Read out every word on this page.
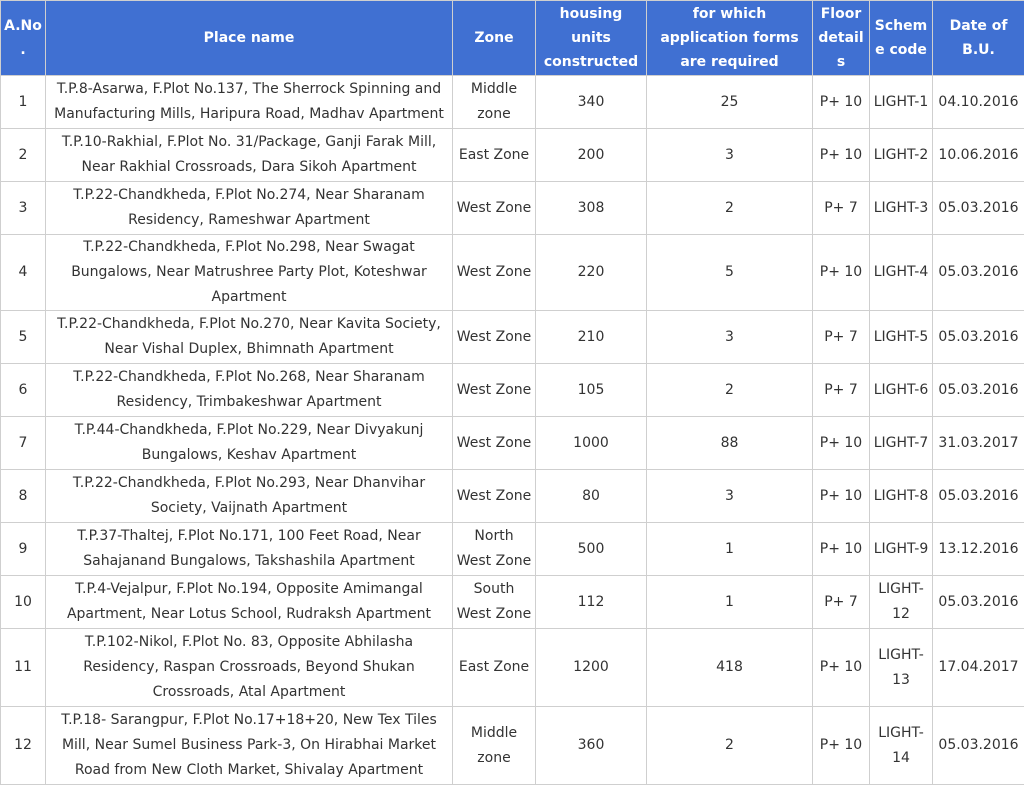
A.No.	Place name	Zone	housing units constructed	for which application forms are required	Floor details	Scheme code	Date of B.U.
1	T.P.8-Asarwa, F.Plot No.137, The Sherrock Spinning and Manufacturing Mills, Haripura Road, Madhav Apartment	Middle zone	340	25	P+ 10	LIGHT-1	04.10.2016
2	T.P.10-Rakhial, F.Plot No. 31/Package, Ganji Farak Mill, Near Rakhial Crossroads, Dara Sikoh Apartment	East Zone	200	3	P+ 10	LIGHT-2	10.06.2016
3	T.P.22-Chandkheda, F.Plot No.274, Near Sharanam Residency, Rameshwar Apartment	West Zone	308	2	P+ 7	LIGHT-3	05.03.2016
4	T.P.22-Chandkheda, F.Plot No.298, Near Swagat Bungalows, Near Matrushree Party Plot, Koteshwar Apartment	West Zone	220	5	P+ 10	LIGHT-4	05.03.2016
5	T.P.22-Chandkheda, F.Plot No.270, Near Kavita Society, Near Vishal Duplex, Bhimnath Apartment	West Zone	210	3	P+ 7	LIGHT-5	05.03.2016
6	T.P.22-Chandkheda, F.Plot No.268, Near Sharanam Residency, Trimbakeshwar Apartment	West Zone	105	2	P+ 7	LIGHT-6	05.03.2016
7	T.P.44-Chandkheda, F.Plot No.229, Near Divyakunj Bungalows, Keshav Apartment	West Zone	1000	88	P+ 10	LIGHT-7	31.03.2017
8	T.P.22-Chandkheda, F.Plot No.293, Near Dhanvihar Society, Vaijnath Apartment	West Zone	80	3	P+ 10	LIGHT-8	05.03.2016
9	T.P.37-Thaltej, F.Plot No.171, 100 Feet Road, Near Sahajanand Bungalows, Takshashila Apartment	North West Zone	500	1	P+ 10	LIGHT-9	13.12.2016
10	T.P.4-Vejalpur, F.Plot No.194, Opposite Amimangal Apartment, Near Lotus School, Rudraksh Apartment	South West Zone	112	1	P+ 7	LIGHT-12	05.03.2016
11	T.P.102-Nikol, F.Plot No. 83, Opposite Abhilasha Residency, Raspan Crossroads, Beyond Shukan Crossroads, Atal Apartment	East Zone	1200	418	P+ 10	LIGHT-13	17.04.2017
12	T.P.18- Sarangpur, F.Plot No.17+18+20, New Tex Tiles Mill, Near Sumel Business Park-3, On Hirabhai Market Road from New Cloth Market, Shivalay Apartment	Middle zone	360	2	P+ 10	LIGHT-14	05.03.2016
